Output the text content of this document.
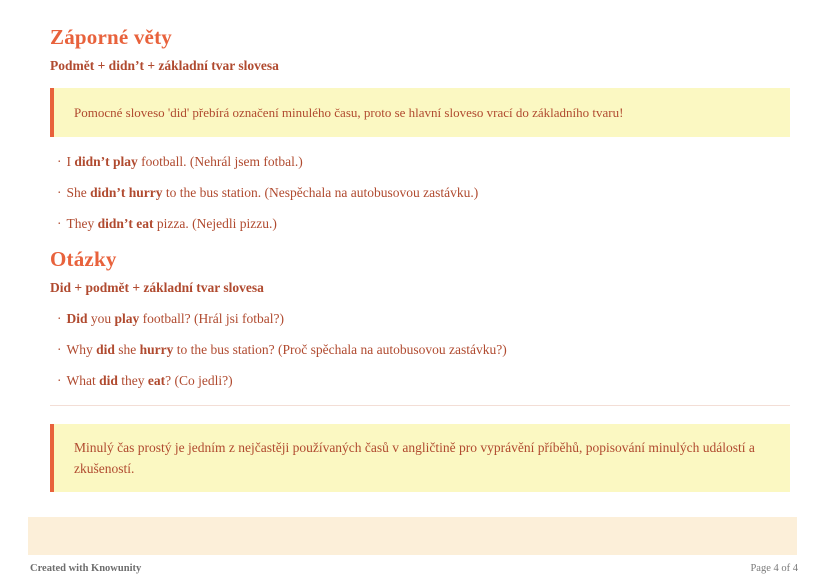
Záporné věty

Podmět + didn’t + základní tvar slovesa

Pomocné sloveso 'did' přebírá označení minulého času, proto se hlavní sloveso vrací do základního tvaru!

· I didn’t play football. (Nehrál jsem fotbal.)
· She didn’t hurry to the bus station. (Nespěchala na autobusovou zastávku.)
· They didn’t eat pizza. (Nejedli pizzu.)
Otázky

Did + podmět + základní tvar slovesa

· Did you play football? (Hrál jsi fotbal?)
· Why did she hurry to the bus station? (Proč spěchala na autobusovou zastávku?)
· What did they eat? (Co jedli?)

Minulý čas prostý je jedním z nejčastěji používaných časů v angličtině pro vyprávění příběhů, popisování minulých událostí a zkušeností.

Created with Knowunity	Page 4 of 4
